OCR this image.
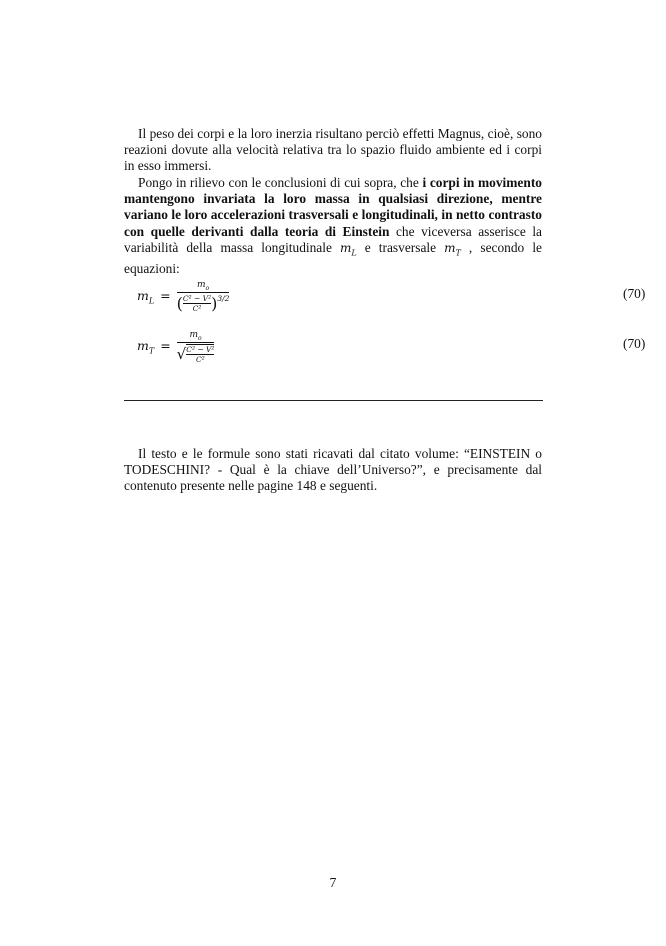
Il peso dei corpi e la loro inerzia risultano perciò effetti Magnus, cioè, sono reazioni dovute alla velocità relativa tra lo spazio fluido ambiente ed i corpi in esso immersi.

Pongo in rilievo con le conclusioni di cui sopra, che i corpi in movimento mantengono invariata la loro massa in qualsiasi direzione, mentre variano le loro accelerazioni trasversali e longitudinali, in netto contrasto con quelle derivanti dalla teoria di Einstein che viceversa asserisce la variabilità della massa longitudinale $m_L$ e trasversale $m_T$ , secondo le equazioni:

$m_L = \frac{m_o}{( \frac{\text{C² − V²}}{\text{C²}} )^{3/2}}$	(70)
$m_T = \frac{m_o}{√ \frac{\text{C² − V²}}{\text{C²}}}$	(70)

Il testo e le formule sono stati ricavati dal citato volume: “EINSTEIN o TODESCHINI? - Qual è la chiave dell’Universo?”, e precisamente dal contenuto presente nelle pagine 148 e seguenti.

7
